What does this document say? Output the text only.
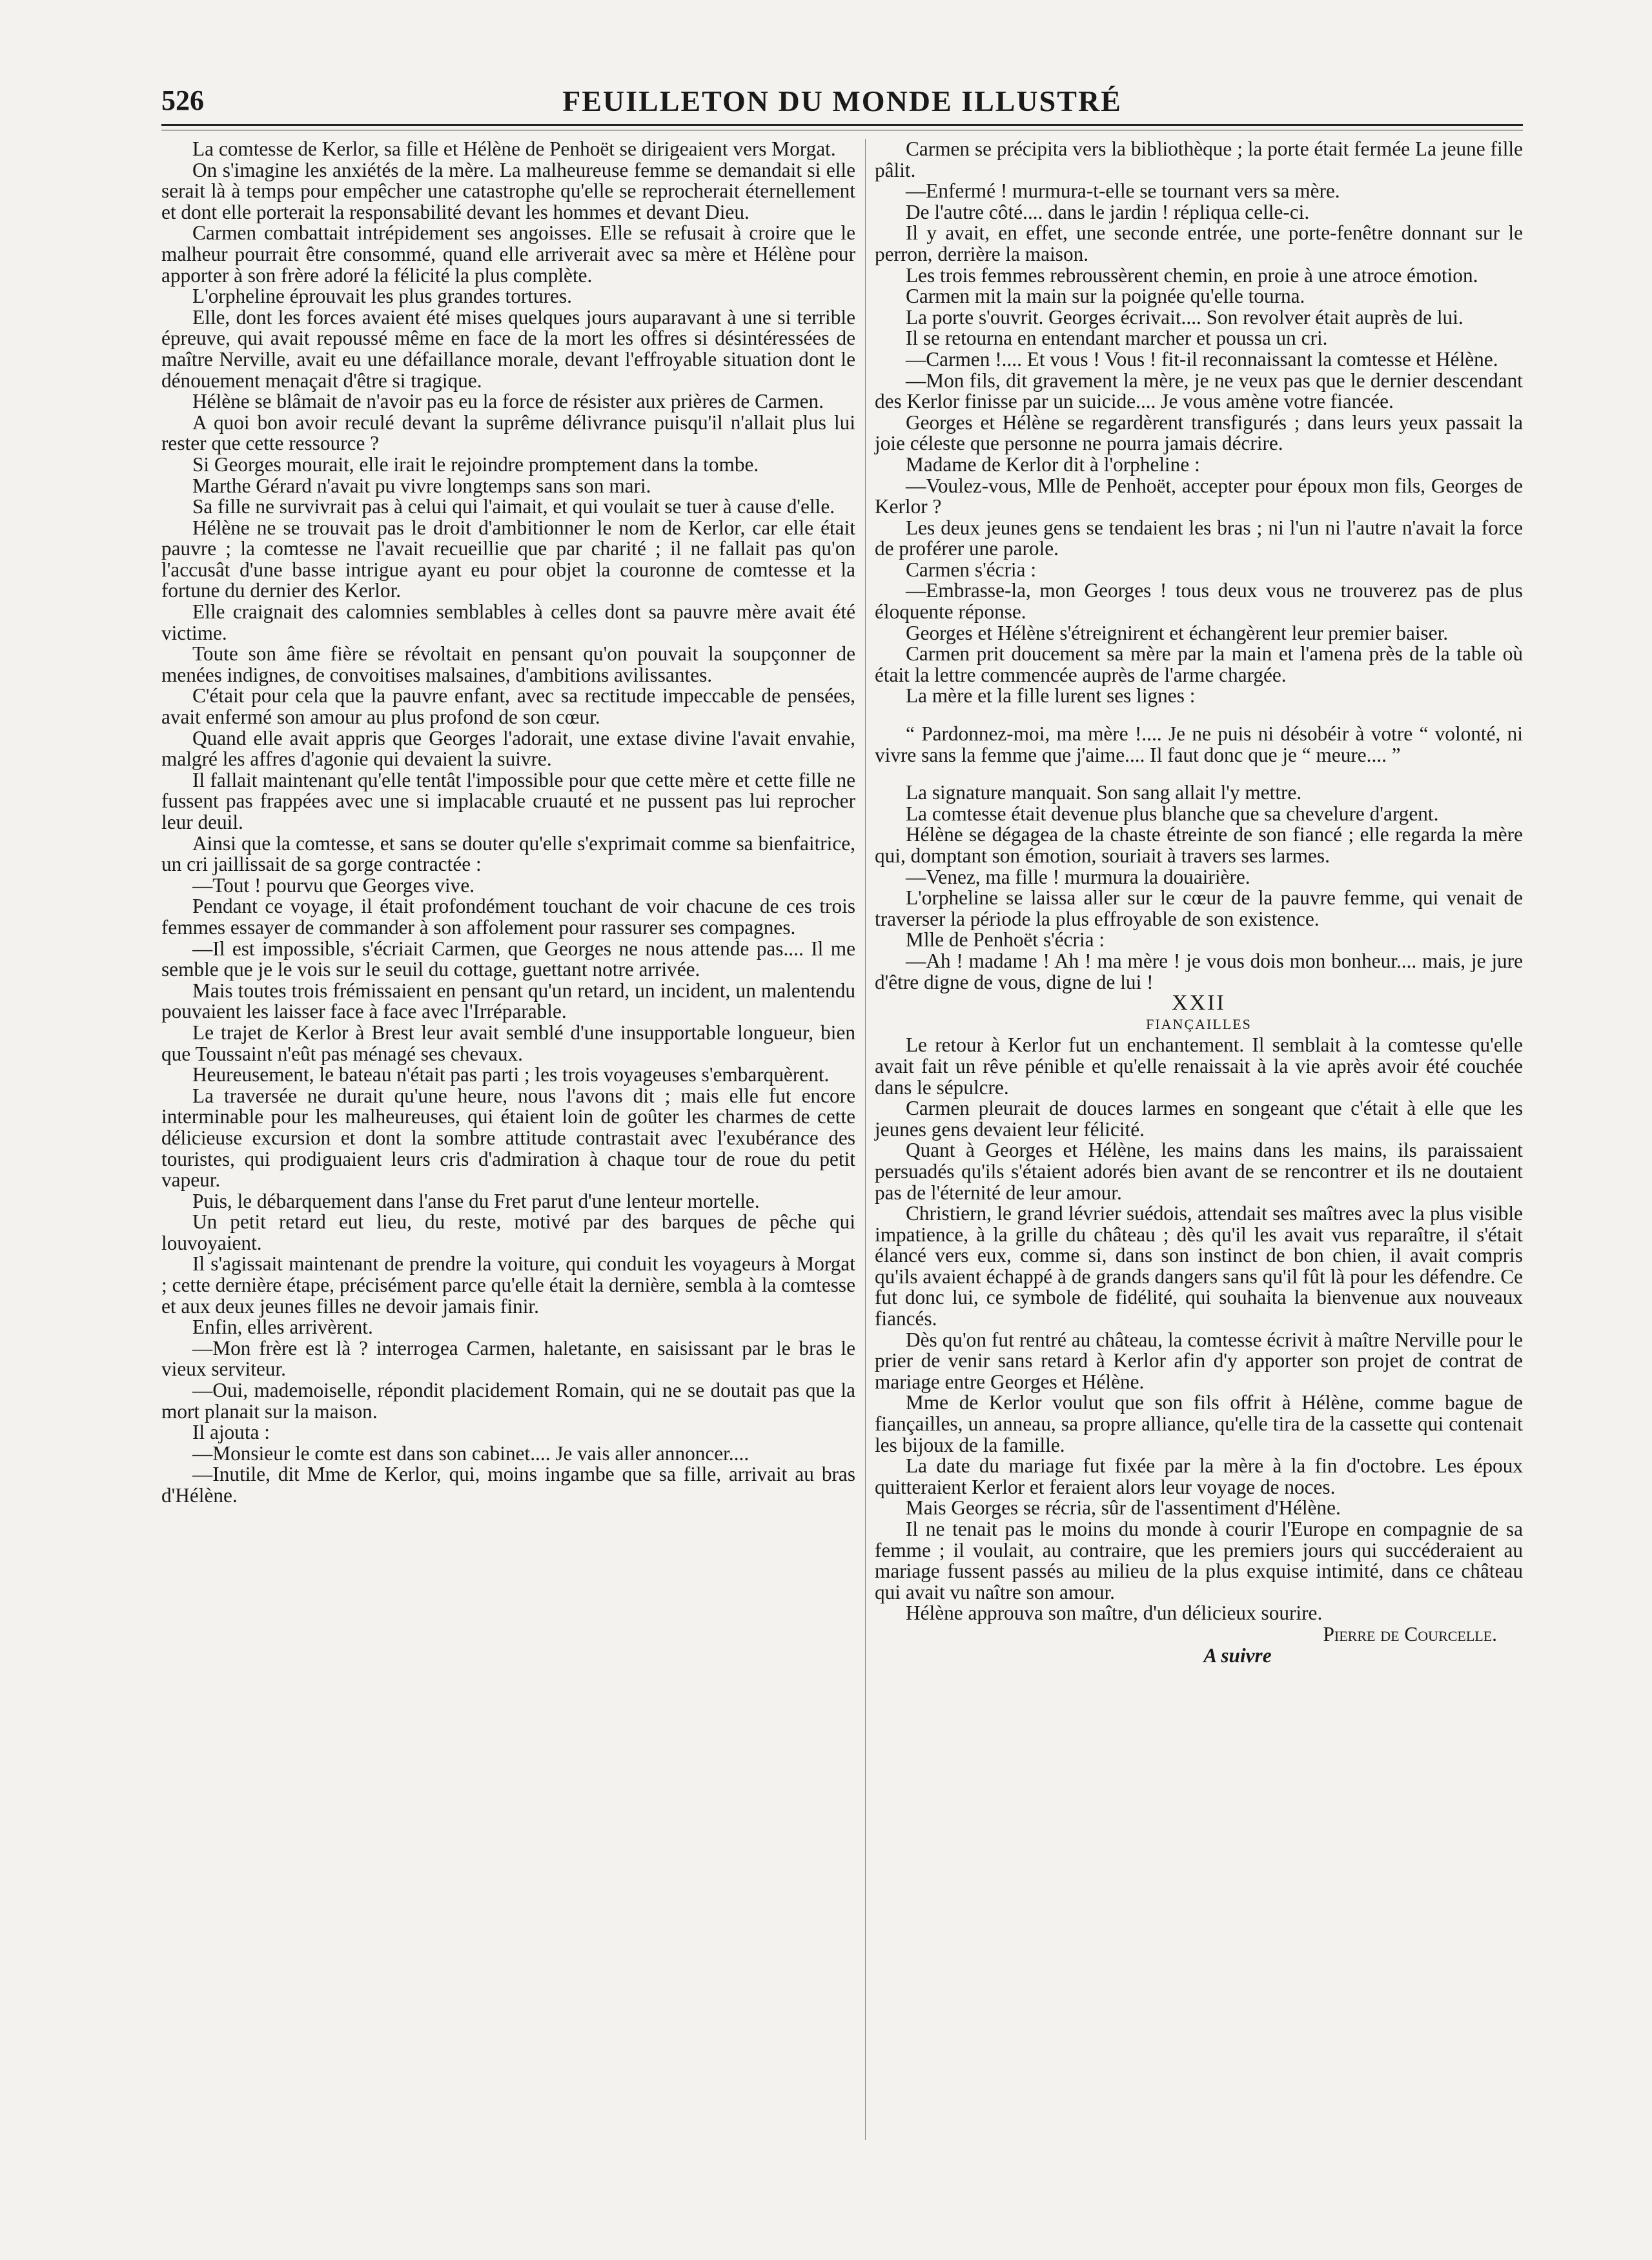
526	FEUILLETON DU MONDE ILLUSTRÉ

La comtesse de Kerlor, sa fille et Hélène de Penhoët se dirigeaient vers Morgat.

On s'imagine les anxiétés de la mère. La malheureuse femme se demandait si elle serait là à temps pour empêcher une catastrophe qu'elle se reprocherait éternellement et dont elle porterait la responsabilité devant les hommes et devant Dieu.

Carmen combattait intrépidement ses angoisses. Elle se refusait à croire que le malheur pourrait être consommé, quand elle arriverait avec sa mère et Hélène pour apporter à son frère adoré la félicité la plus complète.

L'orpheline éprouvait les plus grandes tortures.

Elle, dont les forces avaient été mises quelques jours auparavant à une si terrible épreuve, qui avait repoussé même en face de la mort les offres si désintéressées de maître Nerville, avait eu une défaillance morale, devant l'effroyable situation dont le dénouement menaçait d'être si tragique.

Hélène se blâmait de n'avoir pas eu la force de résister aux prières de Carmen.

A quoi bon avoir reculé devant la suprême délivrance puisqu'il n'allait plus lui rester que cette ressource ?

Si Georges mourait, elle irait le rejoindre promptement dans la tombe.

Marthe Gérard n'avait pu vivre longtemps sans son mari.

Sa fille ne survivrait pas à celui qui l'aimait, et qui voulait se tuer à cause d'elle.

Hélène ne se trouvait pas le droit d'ambitionner le nom de Kerlor, car elle était pauvre ; la comtesse ne l'avait recueillie que par charité ; il ne fallait pas qu'on l'accusât d'une basse intrigue ayant eu pour objet la couronne de comtesse et la fortune du dernier des Kerlor.

Elle craignait des calomnies semblables à celles dont sa pauvre mère avait été victime.

Toute son âme fière se révoltait en pensant qu'on pouvait la soupçonner de menées indignes, de convoitises malsaines, d'ambitions avilissantes.

C'était pour cela que la pauvre enfant, avec sa rectitude impeccable de pensées, avait enfermé son amour au plus profond de son cœur.

Quand elle avait appris que Georges l'adorait, une extase divine l'avait envahie, malgré les affres d'agonie qui devaient la suivre.

Il fallait maintenant qu'elle tentât l'impossible pour que cette mère et cette fille ne fussent pas frappées avec une si implacable cruauté et ne pussent pas lui reprocher leur deuil.

Ainsi que la comtesse, et sans se douter qu'elle s'exprimait comme sa bienfaitrice, un cri jaillissait de sa gorge contractée :

—Tout ! pourvu que Georges vive.

Pendant ce voyage, il était profondément touchant de voir chacune de ces trois femmes essayer de commander à son affolement pour rassurer ses compagnes.

—Il est impossible, s'écriait Carmen, que Georges ne nous attende pas.... Il me semble que je le vois sur le seuil du cottage, guettant notre arrivée.

Mais toutes trois frémissaient en pensant qu'un retard, un incident, un malentendu pouvaient les laisser face à face avec l'Irréparable.

Le trajet de Kerlor à Brest leur avait semblé d'une insupportable longueur, bien que Toussaint n'eût pas ménagé ses chevaux.

Heureusement, le bateau n'était pas parti ; les trois voyageuses s'embarquèrent.

La traversée ne durait qu'une heure, nous l'avons dit ; mais elle fut encore interminable pour les malheureuses, qui étaient loin de goûter les charmes de cette délicieuse excursion et dont la sombre attitude contrastait avec l'exubérance des touristes, qui prodiguaient leurs cris d'admiration à chaque tour de roue du petit vapeur.

Puis, le débarquement dans l'anse du Fret parut d'une lenteur mortelle.

Un petit retard eut lieu, du reste, motivé par des barques de pêche qui louvoyaient.

Il s'agissait maintenant de prendre la voiture, qui conduit les voyageurs à Morgat ; cette dernière étape, précisément parce qu'elle était la dernière, sembla à la comtesse et aux deux jeunes filles ne devoir jamais finir.

Enfin, elles arrivèrent.

—Mon frère est là ? interrogea Carmen, haletante, en saisissant par le bras le vieux serviteur.

—Oui, mademoiselle, répondit placidement Romain, qui ne se doutait pas que la mort planait sur la maison.

Il ajouta :

—Monsieur le comte est dans son cabinet.... Je vais aller annoncer....

—Inutile, dit Mme de Kerlor, qui, moins ingambe que sa fille, arrivait au bras d'Hélène.

Carmen se précipita vers la bibliothèque ; la porte était fermée La jeune fille pâlit.

—Enfermé ! murmura-t-elle se tournant vers sa mère.

De l'autre côté.... dans le jardin ! répliqua celle-ci.

Il y avait, en effet, une seconde entrée, une porte-fenêtre donnant sur le perron, derrière la maison.

Les trois femmes rebroussèrent chemin, en proie à une atroce émotion.

Carmen mit la main sur la poignée qu'elle tourna.

La porte s'ouvrit. Georges écrivait.... Son revolver était auprès de lui.

Il se retourna en entendant marcher et poussa un cri.

—Carmen !.... Et vous ! Vous ! fit-il reconnaissant la comtesse et Hélène.

—Mon fils, dit gravement la mère, je ne veux pas que le dernier descendant des Kerlor finisse par un suicide.... Je vous amène votre fiancée.

Georges et Hélène se regardèrent transfigurés ; dans leurs yeux passait la joie céleste que personne ne pourra jamais décrire.

Madame de Kerlor dit à l'orpheline :

—Voulez-vous, Mlle de Penhoët, accepter pour époux mon fils, Georges de Kerlor ?

Les deux jeunes gens se tendaient les bras ; ni l'un ni l'autre n'avait la force de proférer une parole.

Carmen s'écria :

—Embrasse-la, mon Georges ! tous deux vous ne trouverez pas de plus éloquente réponse.

Georges et Hélène s'étreignirent et échangèrent leur premier baiser.

Carmen prit doucement sa mère par la main et l'amena près de la table où était la lettre commencée auprès de l'arme chargée.

La mère et la fille lurent ses lignes :

“ Pardonnez-moi, ma mère !.... Je ne puis ni désobéir à votre “ volonté, ni vivre sans la femme que j'aime.... Il faut donc que je “ meure.... ”

La signature manquait. Son sang allait l'y mettre.

La comtesse était devenue plus blanche que sa chevelure d'argent.

Hélène se dégagea de la chaste étreinte de son fiancé ; elle regarda la mère qui, domptant son émotion, souriait à travers ses larmes.

—Venez, ma fille ! murmura la douairière.

L'orpheline se laissa aller sur le cœur de la pauvre femme, qui venait de traverser la période la plus effroyable de son existence.

Mlle de Penhoët s'écria :

—Ah ! madame ! Ah ! ma mère ! je vous dois mon bonheur.... mais, je jure d'être digne de vous, digne de lui !

XXII

FIANÇAILLES

Le retour à Kerlor fut un enchantement. Il semblait à la comtesse qu'elle avait fait un rêve pénible et qu'elle renaissait à la vie après avoir été couchée dans le sépulcre.

Carmen pleurait de douces larmes en songeant que c'était à elle que les jeunes gens devaient leur félicité.

Quant à Georges et Hélène, les mains dans les mains, ils paraissaient persuadés qu'ils s'étaient adorés bien avant de se rencontrer et ils ne doutaient pas de l'éternité de leur amour.

Christiern, le grand lévrier suédois, attendait ses maîtres avec la plus visible impatience, à la grille du château ; dès qu'il les avait vus reparaître, il s'était élancé vers eux, comme si, dans son instinct de bon chien, il avait compris qu'ils avaient échappé à de grands dangers sans qu'il fût là pour les défendre. Ce fut donc lui, ce symbole de fidélité, qui souhaita la bienvenue aux nouveaux fiancés.

Dès qu'on fut rentré au château, la comtesse écrivit à maître Nerville pour le prier de venir sans retard à Kerlor afin d'y apporter son projet de contrat de mariage entre Georges et Hélène.

Mme de Kerlor voulut que son fils offrit à Hélène, comme bague de fiançailles, un anneau, sa propre alliance, qu'elle tira de la cassette qui contenait les bijoux de la famille.

La date du mariage fut fixée par la mère à la fin d'octobre. Les époux quitteraient Kerlor et feraient alors leur voyage de noces.

Mais Georges se récria, sûr de l'assentiment d'Hélène.

Il ne tenait pas le moins du monde à courir l'Europe en compagnie de sa femme ; il voulait, au contraire, que les premiers jours qui succéderaient au mariage fussent passés au milieu de la plus exquise intimité, dans ce château qui avait vu naître son amour.

Hélène approuva son maître, d'un délicieux sourire.

Pierre de Courcelle.

A suivre
